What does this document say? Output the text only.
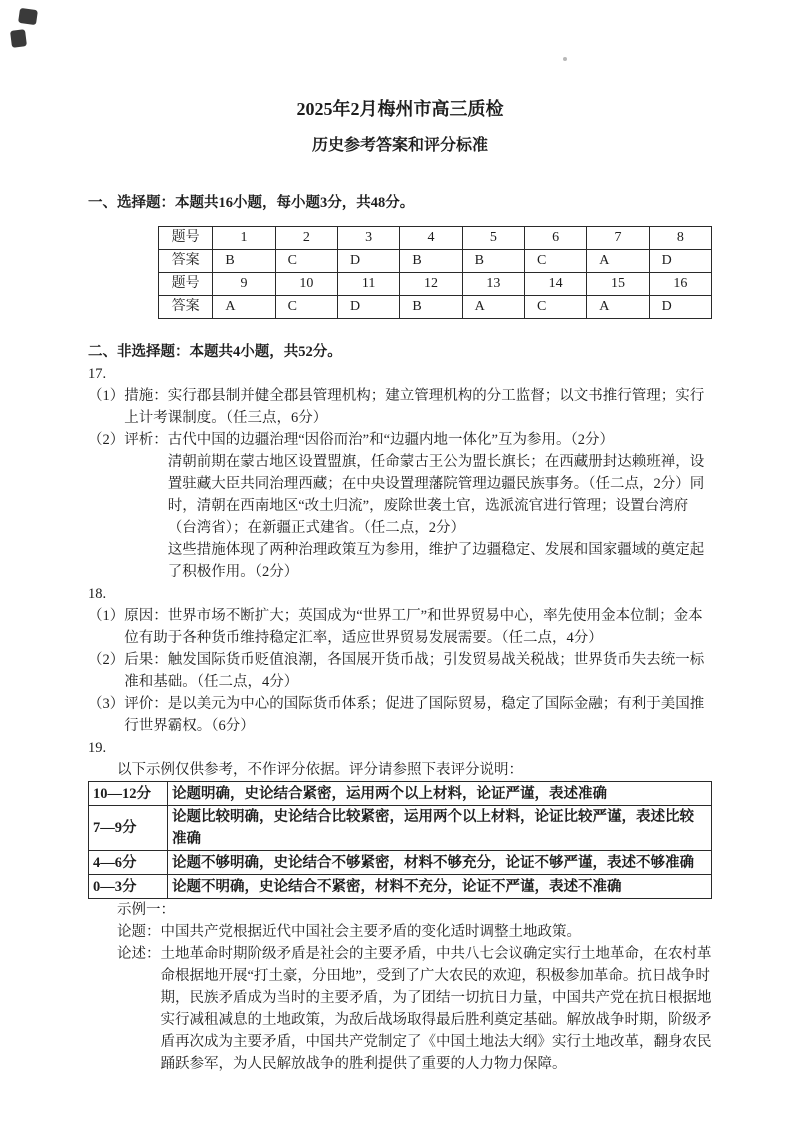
2025年2月梅州市高三质检
历史参考答案和评分标准
一、选择题：本题共16小题，每小题3分，共48分。
题号	1	2	3	4	5	6	7	8
答案	B	C	D	B	B	C	A	D
题号	9	10	11	12	13	14	15	16
答案	A	C	D	B	A	C	A	D
二、非选择题：本题共4小题，共52分。
17.
（1） 措施：实行郡县制并健全郡县管理机构；建立管理机构的分工监督；以文书推行管理；实行上计考课制度。（任三点，6分）
（2）评析： 古代中国的边疆治理“因俗而治”和“边疆内地一体化”互为参用。（2分）

清朝前期在蒙古地区设置盟旗，任命蒙古王公为盟长旗长；在西藏册封达赖班禅，设置驻藏大臣共同治理西藏；在中央设置理藩院管理边疆民族事务。（任二点，2分）同时，清朝在西南地区“改土归流”，废除世袭土官，选派流官进行管理；设置台湾府（台湾省）；在新疆正式建省。（任二点，2分）

这些措施体现了两种治理政策互为参用，维护了边疆稳定、发展和国家疆域的奠定起了积极作用。（2分）

18.
（1） 原因：世界市场不断扩大；英国成为“世界工厂”和世界贸易中心，率先使用金本位制；金本位有助于各种货币维持稳定汇率，适应世界贸易发展需要。（任二点，4分）
（2） 后果：触发国际货币贬值浪潮，各国展开货币战；引发贸易战关税战；世界货币失去统一标准和基础。（任二点，4分）
（3） 评价：是以美元为中心的国际货币体系；促进了国际贸易，稳定了国际金融；有利于美国推行世界霸权。（6分）
19.
以下示例仅供参考，不作评分依据。评分请参照下表评分说明：
10—12分	论题明确，史论结合紧密，运用两个以上材料，论证严谨，表述准确
7—9分	论题比较明确，史论结合比较紧密，运用两个以上材料，论证比较严谨，表述比较准确
4—6分	论题不够明确，史论结合不够紧密，材料不够充分，论证不够严谨，表述不够准确
0—3分	论题不明确，史论结合不紧密，材料不充分，论证不严谨，表述不准确
示例一：
论题： 中国共产党根据近代中国社会主要矛盾的变化适时调整土地政策。
论述： 土地革命时期阶级矛盾是社会的主要矛盾，中共八七会议确定实行土地革命，在农村革命根据地开展“打土豪，分田地”，受到了广大农民的欢迎，积极参加革命。抗日战争时期，民族矛盾成为当时的主要矛盾，为了团结一切抗日力量，中国共产党在抗日根据地实行减租减息的土地政策，为敌后战场取得最后胜利奠定基础。解放战争时期，阶级矛盾再次成为主要矛盾，中国共产党制定了《中国土地法大纲》实行土地改革，翻身农民踊跃参军，为人民解放战争的胜利提供了重要的人力物力保障。
